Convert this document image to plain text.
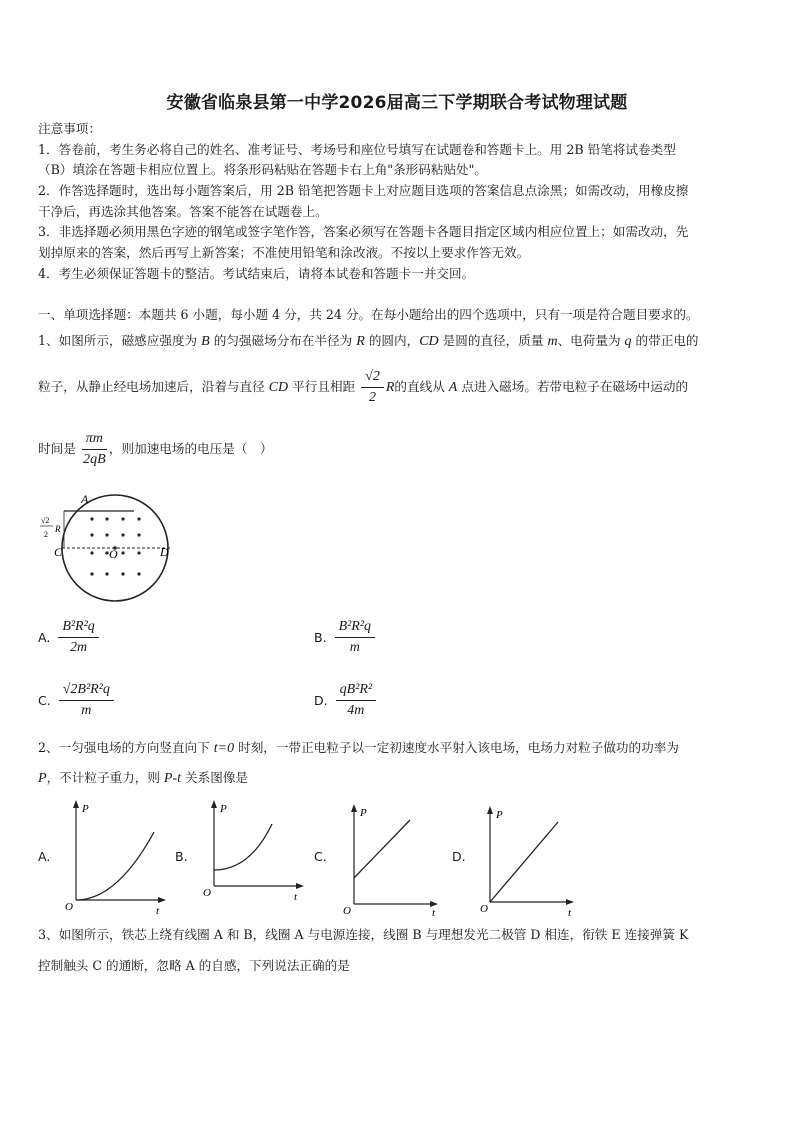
安徽省临泉县第一中学2026届高三下学期联合考试物理试题
注意事项：
1．答卷前，考生务必将自己的姓名、准考证号、考场号和座位号填写在试题卷和答题卡上。用 2B 铅笔将试卷类型
（B）填涂在答题卡相应位置上。将条形码粘贴在答题卡右上角"条形码粘贴处"。
2．作答选择题时，选出每小题答案后，用 2B 铅笔把答题卡上对应题目选项的答案信息点涂黑；如需改动，用橡皮擦
干净后，再选涂其他答案。答案不能答在试题卷上。
3．非选择题必须用黑色字迹的钢笔或签字笔作答，答案必须写在答题卡各题目指定区域内相应位置上；如需改动，先
划掉原来的答案，然后再写上新答案；不准使用铅笔和涂改液。不按以上要求作答无效。
4．考生必须保证答题卡的整洁。考试结束后，请将本试卷和答题卡一并交回。
一、单项选择题：本题共 6 小题，每小题 4 分，共 24 分。在每小题给出的四个选项中，只有一项是符合题目要求的。
1、如图所示，磁感应强度为 B 的匀强磁场分布在半径为 R 的圆内，CD 是圆的直径，质量 m、电荷量为 q 的带正电的
粒子，从静止经电场加速后，沿着与直径 CD 平行且相距 $\frac{√2}{2}$ R的直线从 A 点进入磁场。若带电粒子在磁场中运动的
时间是 $\frac{\pi m}{2qB}$ ，则加速电场的电压是（　）
A
C	O	D
√2
2
R
A. $\frac{\text{B²R²q}}{2m}$	B. $\frac{\text{B²R²q}}{m}$
C. $\frac{\text{√2B²R²q}}{m}$	D. $\frac{\text{qB²R²}}{4m}$
2、一匀强电场的方向竖直向下 t=0 时刻，一带正电粒子以一定初速度水平射入该电场，电场力对粒子做功的功率为
P，不计粒子重力，则 P-t 关系图像是
A.
P
O	t
B.
P
O	t
C.
P
O	t
D.
P
O	t
3、如图所示，铁芯上绕有线圈 A 和 B，线圈 A 与电源连接，线圈 B 与理想发光二极管 D 相连，衔铁 E 连接弹簧 K
控制触头 C 的通断，忽略 A 的自感，下列说法正确的是
